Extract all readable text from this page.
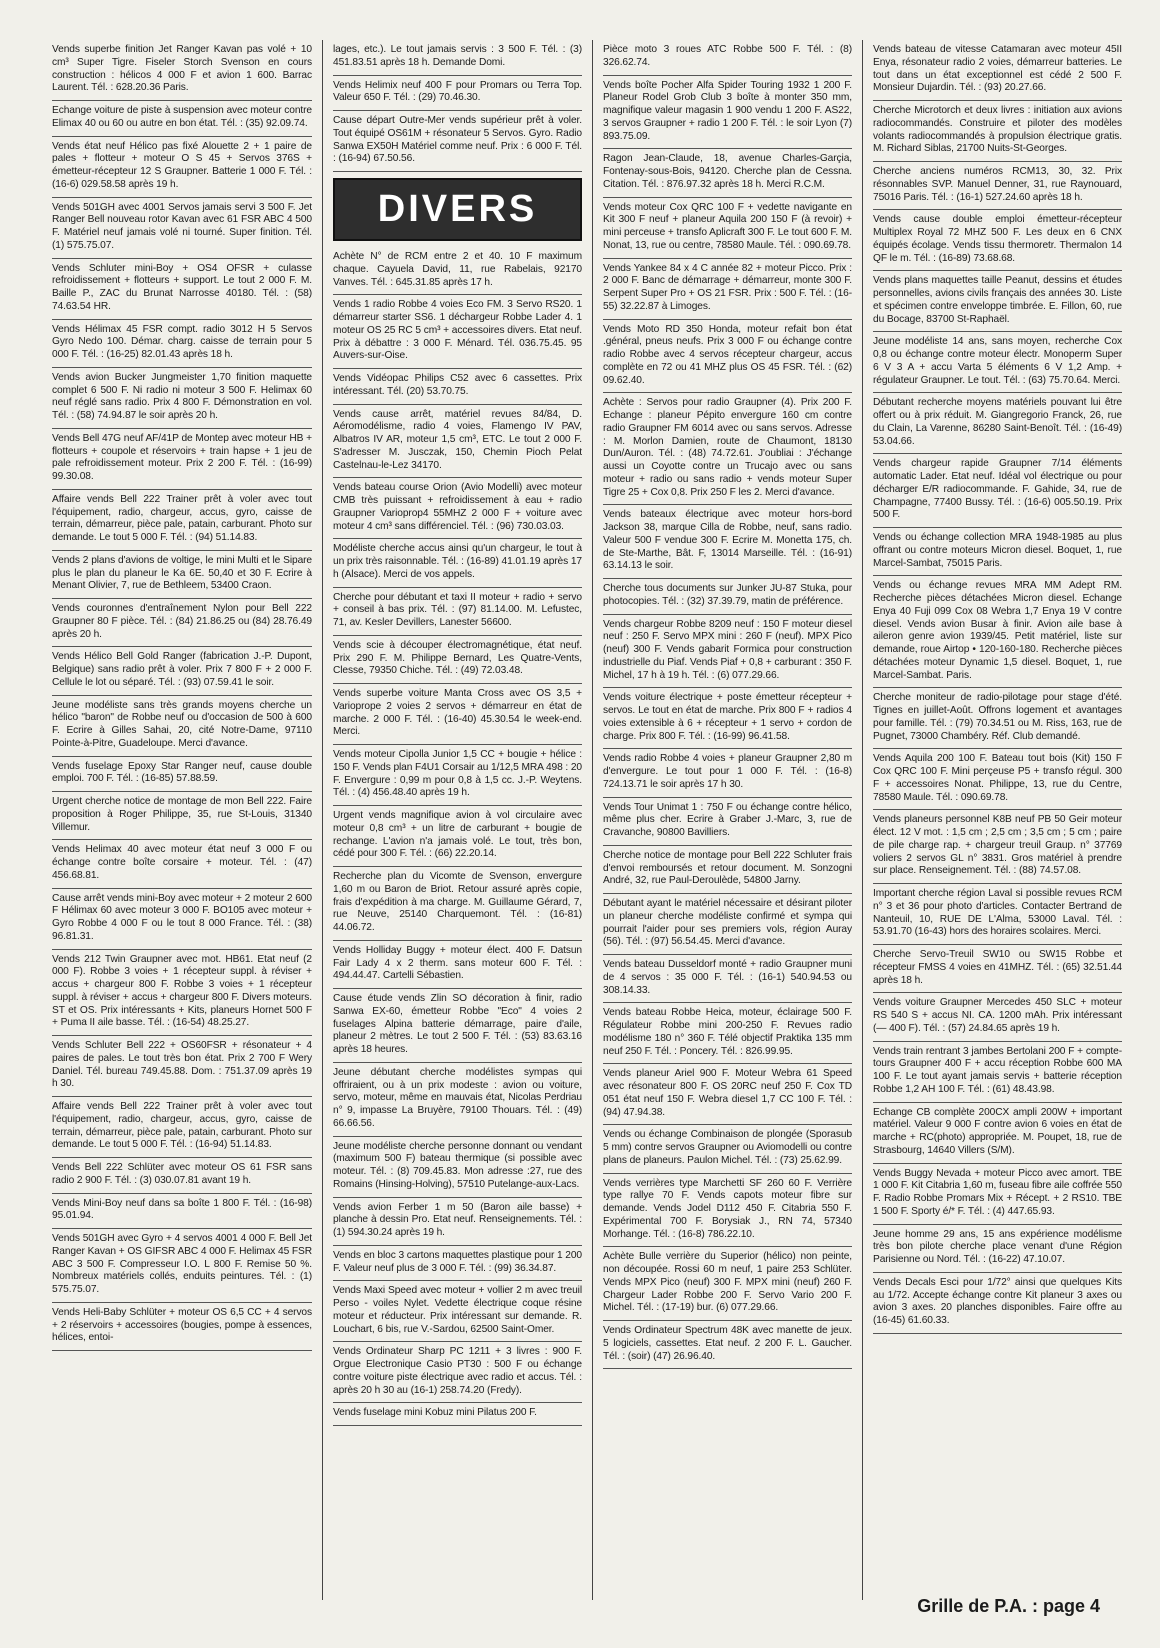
Vends superbe finition Jet Ranger Kavan pas volé + 10 cm³ Super Tigre. Fiseler Storch Svenson en cours construction : hélicos 4 000 F et avion 1 600. Barrac Laurent. Tél. : 628.20.36 Paris.

Echange voiture de piste à suspension avec moteur contre Elimax 40 ou 60 ou autre en bon état. Tél. : (35) 92.09.74.

Vends état neuf Hélico pas fixé Alouette 2 + 1 paire de pales + flotteur + moteur O S 45 + Servos 376S + émetteur-récepteur 12 S Graupner. Batterie 1 000 F. Tél. : (16-6) 029.58.58 après 19 h.

Vends 501GH avec 4001 Servos jamais servi 3 500 F. Jet Ranger Bell nouveau rotor Kavan avec 61 FSR ABC 4 500 F. Matériel neuf jamais volé ni tourné. Super finition. Tél. (1) 575.75.07.

Vends Schluter mini-Boy + OS4 OFSR + culasse refroidissement + flotteurs + support. Le tout 2 000 F. M. Baille P., ZAC du Brunat Narrosse 40180. Tél. : (58) 74.63.54 HR.

Vends Hélimax 45 FSR compt. radio 3012 H 5 Servos Gyro Nedo 100. Démar. charg. caisse de terrain pour 5 000 F. Tél. : (16-25) 82.01.43 après 18 h.

Vends avion Bucker Jungmeister 1,70 finition maquette complet 6 500 F. Ni radio ni moteur 3 500 F. Helimax 60 neuf réglé sans radio. Prix 4 800 F. Démonstration en vol. Tél. : (58) 74.94.87 le soir après 20 h.

Vends Bell 47G neuf AF/41P de Montep avec moteur HB + flotteurs + coupole et réservoirs + train hapse + 1 jeu de pale refroidissement moteur. Prix 2 200 F. Tél. : (16-99) 99.30.08.

Affaire vends Bell 222 Trainer prêt à voler avec tout l'équipement, radio, chargeur, accus, gyro, caisse de terrain, démarreur, pièce pale, patain, carburant. Photo sur demande. Le tout 5 000 F. Tél. : (94) 51.14.83.

Vends 2 plans d'avions de voltige, le mini Multi et le Sipare plus le plan du planeur le Ka 6E. 50,40 et 30 F. Ecrire à Menant Olivier, 7, rue de Bethleem, 53400 Craon.

Vends couronnes d'entraînement Nylon pour Bell 222 Graupner 80 F pièce. Tél. : (84) 21.86.25 ou (84) 28.76.49 après 20 h.

Vends Hélico Bell Gold Ranger (fabrication J.-P. Dupont, Belgique) sans radio prêt à voler. Prix 7 800 F + 2 000 F. Cellule le lot ou séparé. Tél. : (93) 07.59.41 le soir.

Jeune modéliste sans très grands moyens cherche un hélico "baron" de Robbe neuf ou d'occasion de 500 à 600 F. Ecrire à Gilles Sahai, 20, cité Notre-Dame, 97110 Pointe-à-Pitre, Guadeloupe. Merci d'avance.

Vends fuselage Epoxy Star Ranger neuf, cause double emploi. 700 F. Tél. : (16-85) 57.88.59.

Urgent cherche notice de montage de mon Bell 222. Faire proposition à Roger Philippe, 35, rue St-Louis, 31340 Villemur.

Vends Helimax 40 avec moteur état neuf 3 000 F ou échange contre boîte corsaire + moteur. Tél. : (47) 456.68.81.

Cause arrêt vends mini-Boy avec moteur + 2 moteur 2 600 F Hélimax 60 avec moteur 3 000 F. BO105 avec moteur + Gyro Robbe 4 000 F ou le tout 8 000 France. Tél. : (38) 96.81.31.

Vends 212 Twin Graupner avec mot. HB61. Etat neuf (2 000 F). Robbe 3 voies + 1 récepteur suppl. à réviser + accus + chargeur 800 F. Robbe 3 voies + 1 récepteur suppl. à réviser + accus + chargeur 800 F. Divers moteurs. ST et OS. Prix intéressants + Kits, planeurs Hornet 500 F + Puma II aile basse. Tél. : (16-54) 48.25.27.

Vends Schluter Bell 222 + OS60FSR + résonateur + 4 paires de pales. Le tout très bon état. Prix 2 700 F Wery Daniel. Tél. bureau 749.45.88. Dom. : 751.37.09 après 19 h 30.

Affaire vends Bell 222 Trainer prêt à voler avec tout l'équipement, radio, chargeur, accus, gyro, caisse de terrain, démarreur, pièce pale, patain, carburant. Photo sur demande. Le tout 5 000 F. Tél. : (16-94) 51.14.83.

Vends Bell 222 Schlüter avec moteur OS 61 FSR sans radio 2 900 F. Tél. : (3) 030.07.81 avant 19 h.

Vends Mini-Boy neuf dans sa boîte 1 800 F. Tél. : (16-98) 95.01.94.

Vends 501GH avec Gyro + 4 servos 4001 4 000 F. Bell Jet Ranger Kavan + OS GIFSR ABC 4 000 F. Helimax 45 FSR ABC 3 500 F. Compresseur I.O. L 800 F. Remise 50 %. Nombreux matériels collés, enduits peintures. Tél. : (1) 575.75.07.

Vends Heli-Baby Schlüter + moteur OS 6,5 CC + 4 servos + 2 réservoirs + accessoires (bougies, pompe à essences, hélices, entoi-

lages, etc.). Le tout jamais servis : 3 500 F. Tél. : (3) 451.83.51 après 18 h. Demande Domi.

Vends Helimix neuf 400 F pour Promars ou Terra Top. Valeur 650 F. Tél. : (29) 70.46.30.

Cause départ Outre-Mer vends supérieur prêt à voler. Tout équipé OS61M + résonateur 5 Servos. Gyro. Radio Sanwa EX50H Matériel comme neuf. Prix : 6 000 F. Tél. : (16-94) 67.50.56.

DIVERS

Achète N° de RCM entre 2 et 40. 10 F maximum chaque. Cayuela David, 11, rue Rabelais, 92170 Vanves. Tél. : 645.31.85 après 17 h.

Vends 1 radio Robbe 4 voies Eco FM. 3 Servo RS20. 1 démarreur starter SS6. 1 déchargeur Robbe Lader 4. 1 moteur OS 25 RC 5 cm³ + accessoires divers. Etat neuf. Prix à débattre : 3 000 F. Ménard. Tél. 036.75.45. 95 Auvers-sur-Oise.

Vends Vidéopac Philips C52 avec 6 cassettes. Prix intéressant. Tél. (20) 53.70.75.

Vends cause arrêt, matériel revues 84/84, D. Aéromodélisme, radio 4 voies, Flamengo IV PAV, Albatros IV AR, moteur 1,5 cm³, ETC. Le tout 2 000 F. S'adresser M. Jusczak, 150, Chemin Pioch Pelat Castelnau-le-Lez 34170.

Vends bateau course Orion (Avio Modelli) avec moteur CMB très puissant + refroidissement à eau + radio Graupner Varioprop4 55MHZ 2 000 F + voiture avec moteur 4 cm³ sans différenciel. Tél. : (96) 730.03.03.

Modéliste cherche accus ainsi qu'un chargeur, le tout à un prix très raisonnable. Tél. : (16-89) 41.01.19 après 17 h (Alsace). Merci de vos appels.

Cherche pour débutant et taxi II moteur + radio + servo + conseil à bas prix. Tél. : (97) 81.14.00. M. Lefustec, 71, av. Kesler Devillers, Lanester 56600.

Vends scie à découper électromagnétique, état neuf. Prix 290 F. M. Philippe Bernard, Les Quatre-Vents, Clesse, 79350 Chiche. Tél. : (49) 72.03.48.

Vends superbe voiture Manta Cross avec OS 3,5 + Varioprope 2 voies 2 servos + démarreur en état de marche. 2 000 F. Tél. : (16-40) 45.30.54 le week-end. Merci.

Vends moteur Cipolla Junior 1,5 CC + bougie + hélice : 150 F. Vends plan F4U1 Corsair au 1/12,5 MRA 498 : 20 F. Envergure : 0,99 m pour 0,8 à 1,5 cc. J.-P. Weytens. Tél. : (4) 456.48.40 après 19 h.

Urgent vends magnifique avion à vol circulaire avec moteur 0,8 cm³ + un litre de carburant + bougie de rechange. L'avion n'a jamais volé. Le tout, très bon, cédé pour 300 F. Tél. : (66) 22.20.14.

Recherche plan du Vicomte de Svenson, envergure 1,60 m ou Baron de Briot. Retour assuré après copie, frais d'expédition à ma charge. M. Guillaume Gérard, 7, rue Neuve, 25140 Charquemont. Tél. : (16-81) 44.06.72.

Vends Holliday Buggy + moteur élect. 400 F. Datsun Fair Lady 4 x 2 therm. sans moteur 600 F. Tél. : 494.44.47. Cartelli Sébastien.

Cause étude vends Zlin SO décoration à finir, radio Sanwa EX-60, émetteur Robbe "Eco" 4 voies 2 fuselages Alpina batterie démarrage, paire d'aile, planeur 2 mètres. Le tout 2 500 F. Tél. : (53) 83.63.16 après 18 heures.

Jeune débutant cherche modélistes sympas qui offriraient, ou à un prix modeste : avion ou voiture, servo, moteur, même en mauvais état, Nicolas Perdriau n° 9, impasse La Bruyère, 79100 Thouars. Tél. : (49) 66.66.56.

Jeune modéliste cherche personne donnant ou vendant (maximum 500 F) bateau thermique (si possible avec moteur. Tél. : (8) 709.45.83. Mon adresse :27, rue des Romains (Hinsing-Holving), 57510 Putelange-aux-Lacs.

Vends avion Ferber 1 m 50 (Baron aile basse) + planche à dessin Pro. Etat neuf. Renseignements. Tél. : (1) 594.30.24 après 19 h.

Vends en bloc 3 cartons maquettes plastique pour 1 200 F. Valeur neuf plus de 3 000 F. Tél. : (99) 36.34.87.

Vends Maxi Speed avec moteur + vollier 2 m avec treuil Perso - voiles Nylet. Vedette électrique coque résine moteur et réducteur. Prix intéressant sur demande. R. Louchart, 6 bis, rue V.-Sardou, 62500 Saint-Omer.

Vends Ordinateur Sharp PC 1211 + 3 livres : 900 F. Orgue Electronique Casio PT30 : 500 F ou échange contre voiture piste électrique avec radio et accus. Tél. : après 20 h 30 au (16-1) 258.74.20 (Fredy).

Vends fuselage mini Kobuz mini Pilatus 200 F.

Pièce moto 3 roues ATC Robbe 500 F. Tél. : (8) 326.62.74.

Vends boîte Pocher Alfa Spider Touring 1932 1 200 F. Planeur Rodel Grob Club 3 boîte à monter 350 mm, magnifique valeur magasin 1 900 vendu 1 200 F. AS22, 3 servos Graupner + radio 1 200 F. Tél. : le soir Lyon (7) 893.75.09.

Ragon Jean-Claude, 18, avenue Charles-Garçia, Fontenay-sous-Bois, 94120. Cherche plan de Cessna. Citation. Tél. : 876.97.32 après 18 h. Merci R.C.M.

Vends moteur Cox QRC 100 F + vedette navigante en Kit 300 F neuf + planeur Aquila 200 150 F (à revoir) + mini perceuse + transfo Aplicraft 300 F. Le tout 600 F. M. Nonat, 13, rue ou centre, 78580 Maule. Tél. : 090.69.78.

Vends Yankee 84 x 4 C année 82 + moteur Picco. Prix : 2 000 F. Banc de démarrage + démarreur, monte 300 F. Serpent Super Pro + OS 21 FSR. Prix : 500 F. Tél. : (16-55) 32.22.87 à Limoges.

Vends Moto RD 350 Honda, moteur refait bon état .général, pneus neufs. Prix 3 000 F ou échange contre radio Robbe avec 4 servos récepteur chargeur, accus complète en 72 ou 41 MHZ plus OS 45 FSR. Tél. : (62) 09.62.40.

Achète : Servos pour radio Graupner (4). Prix 200 F. Echange : planeur Pépito envergure 160 cm contre radio Graupner FM 6014 avec ou sans servos. Adresse : M. Morlon Damien, route de Chaumont, 18130 Dun/Auron. Tél. : (48) 74.72.61. J'oubliai : J'échange aussi un Coyotte contre un Trucajo avec ou sans moteur + radio ou sans radio + vends moteur Super Tigre 25 + Cox 0,8. Prix 250 F les 2. Merci d'avance.

Vends bateaux électrique avec moteur hors-bord Jackson 38, marque Cilla de Robbe, neuf, sans radio. Valeur 500 F vendue 300 F. Ecrire M. Monetta 175, ch. de Ste-Marthe, Bât. F, 13014 Marseille. Tél. : (16-91) 63.14.13 le soir.

Cherche tous documents sur Junker JU-87 Stuka, pour photocopies. Tél. : (32) 37.39.79, matin de préférence.

Vends chargeur Robbe 8209 neuf : 150 F moteur diesel neuf : 250 F. Servo MPX mini : 260 F (neuf). MPX Pico (neuf) 300 F. Vends gabarit Formica pour construction industrielle du Piaf. Vends Piaf + 0,8 + carburant : 350 F. Michel, 17 h à 19 h. Tél. : (6) 077.29.66.

Vends voiture électrique + poste émetteur récepteur + servos. Le tout en état de marche. Prix 800 F + radios 4 voies extensible à 6 + récepteur + 1 servo + cordon de charge. Prix 800 F. Tél. : (16-99) 96.41.58.

Vends radio Robbe 4 voies + planeur Graupner 2,80 m d'envergure. Le tout pour 1 000 F. Tél. : (16-8) 724.13.71 le soir après 17 h 30.

Vends Tour Unimat 1 : 750 F ou échange contre hélico, même plus cher. Ecrire à Graber J.-Marc, 3, rue de Cravanche, 90800 Bavilliers.

Cherche notice de montage pour Bell 222 Schluter frais d'envoi remboursés et retour document. M. Sonzogni André, 32, rue Paul-Deroulède, 54800 Jarny.

Débutant ayant le matériel nécessaire et désirant piloter un planeur cherche modéliste confirmé et sympa qui pourrait l'aider pour ses premiers vols, région Auray (56). Tél. : (97) 56.54.45. Merci d'avance.

Vends bateau Dusseldorf monté + radio Graupner muni de 4 servos : 35 000 F. Tél. : (16-1) 540.94.53 ou 308.14.33.

Vends bateau Robbe Heica, moteur, éclairage 500 F. Régulateur Robbe mini 200-250 F. Revues radio modélisme 180 n° 360 F. Télé objectif Praktika 135 mm neuf 250 F. Tél. : Poncery. Tél. : 826.99.95.

Vends planeur Ariel 900 F. Moteur Webra 61 Speed avec résonateur 800 F. OS 20RC neuf 250 F. Cox TD 051 état neuf 150 F. Webra diesel 1,7 CC 100 F. Tél. : (94) 47.94.38.

Vends ou échange Combinaison de plongée (Sporasub 5 mm) contre servos Graupner ou Aviomodelli ou contre plans de planeurs. Paulon Michel. Tél. : (73) 25.62.99.

Vends verrières type Marchetti SF 260 60 F. Verrière type rallye 70 F. Vends capots moteur fibre sur demande. Vends Jodel D112 450 F. Citabria 550 F. Expérimental 700 F. Borysiak J., RN 74, 57340 Morhange. Tél. : (16-8) 786.22.10.

Achète Bulle verrière du Superior (hélico) non peinte, non découpée. Rossi 60 m neuf, 1 paire 253 Schlüter. Vends MPX Pico (neuf) 300 F. MPX mini (neuf) 260 F. Chargeur Lader Robbe 200 F. Servo Vario 200 F. Michel. Tél. : (17-19) bur. (6) 077.29.66.

Vends Ordinateur Spectrum 48K avec manette de jeux. 5 logiciels, cassettes. Etat neuf. 2 200 F. L. Gaucher. Tél. : (soir) (47) 26.96.40.

Vends bateau de vitesse Catamaran avec moteur 45II Enya, résonateur radio 2 voies, démarreur batteries. Le tout dans un état exceptionnel est cédé 2 500 F. Monsieur Dujardin. Tél. : (93) 20.27.66.

Cherche Microtorch et deux livres : initiation aux avions radiocommandés. Construire et piloter des modèles volants radiocommandés à propulsion électrique gratis. M. Richard Siblas, 21700 Nuits-St-Georges.

Cherche anciens numéros RCM13, 30, 32. Prix résonnables SVP. Manuel Denner, 31, rue Raynouard, 75016 Paris. Tél. : (16-1) 527.24.60 après 18 h.

Vends cause double emploi émetteur-récepteur Multiplex Royal 72 MHZ 500 F. Les deux en 6 CNX équipés écolage. Vends tissu thermoretr. Thermalon 14 QF le m. Tél. : (16-89) 73.68.68.

Vends plans maquettes taille Peanut, dessins et études personnelles, avions civils français des années 30. Liste et spécimen contre enveloppe timbrée. E. Fillon, 60, rue du Bocage, 83700 St-Raphaël.

Jeune modéliste 14 ans, sans moyen, recherche Cox 0,8 ou échange contre moteur électr. Monoperm Super 6 V 3 A + accu Varta 5 éléments 6 V 1,2 Amp. + régulateur Graupner. Le tout. Tél. : (63) 75.70.64. Merci.

Débutant recherche moyens matériels pouvant lui être offert ou à prix réduit. M. Giangregorio Franck, 26, rue du Clain, La Varenne, 86280 Saint-Benoît. Tél. : (16-49) 53.04.66.

Vends chargeur rapide Graupner 7/14 éléments automatic Lader. Etat neuf. Idéal vol électrique ou pour décharger E/R radiocommande. F. Gahide, 34, rue de Champagne, 77400 Bussy. Tél. : (16-6) 005.50.19. Prix 500 F.

Vends ou échange collection MRA 1948-1985 au plus offrant ou contre moteurs Micron diesel. Boquet, 1, rue Marcel-Sambat, 75015 Paris.

Vends ou échange revues MRA MM Adept RM. Recherche pièces détachées Micron diesel. Echange Enya 40 Fuji 099 Cox 08 Webra 1,7 Enya 19 V contre diesel. Vends avion Busar à finir. Avion aile base à aileron genre avion 1939/45. Petit matériel, liste sur demande, roue Airtop • 120-160-180. Recherche pièces détachées moteur Dynamic 1,5 diesel. Boquet, 1, rue Marcel-Sambat. Paris.

Cherche moniteur de radio-pilotage pour stage d'été. Tignes en juillet-Août. Offrons logement et avantages pour famille. Tél. : (79) 70.34.51 ou M. Riss, 163, rue de Pugnet, 73000 Chambéry. Réf. Club demandé.

Vends Aquila 200 100 F. Bateau tout bois (Kit) 150 F Cox QRC 100 F. Mini perçeuse P5 + transfo régul. 300 F + accessoires Nonat. Philippe, 13, rue du Centre, 78580 Maule. Tél. : 090.69.78.

Vends planeurs personnel K8B neuf PB 50 Geir moteur élect. 12 V mot. : 1,5 cm ; 2,5 cm ; 3,5 cm ; 5 cm ; paire de pile charge rap. + chargeur treuil Graup. n° 37769 voliers 2 servos GL n° 3831. Gros matériel à prendre sur place. Renseignement. Tél. : (88) 74.57.08.

Important cherche région Laval si possible revues RCM n° 3 et 36 pour photo d'articles. Contacter Bertrand de Nanteuil, 10, RUE DE L'Alma, 53000 Laval. Tél. : 53.91.70 (16-43) hors des horaires scolaires. Merci.

Cherche Servo-Treuil SW10 ou SW15 Robbe et récepteur FMSS 4 voies en 41MHZ. Tél. : (65) 32.51.44 après 18 h.

Vends voiture Graupner Mercedes 450 SLC + moteur RS 540 S + accus NI. CA. 1200 mAh. Prix intéressant (— 400 F). Tél. : (57) 24.84.65 après 19 h.

Vends train rentrant 3 jambes Bertolani 200 F + compte-tours Graupner 400 F + accu réception Robbe 600 MA 100 F. Le tout ayant jamais servis + batterie réception Robbe 1,2 AH 100 F. Tél. : (61) 48.43.98.

Echange CB complète 200CX ampli 200W + important matériel. Valeur 9 000 F contre avion 6 voies en état de marche + RC(photo) appropriée. M. Poupet, 18, rue de Strasbourg, 14640 Villers (S/M).

Vends Buggy Nevada + moteur Picco avec amort. TBE 1 000 F. Kit Citabria 1,60 m, fuseau fibre aile coffrée 550 F. Radio Robbe Promars Mix + Récept. + 2 RS10. TBE 1 500 F. Sporty é/* F. Tél. : (4) 447.65.93.

Jeune homme 29 ans, 15 ans expérience modélisme très bon pilote cherche place venant d'une Région Parisienne ou Nord. Tél. : (16-22) 47.10.07.

Vends Decals Esci pour 1/72° ainsi que quelques Kits au 1/72. Accepte échange contre Kit planeur 3 axes ou avion 3 axes. 20 planches disponibles. Faire offre au (16-45) 61.60.33.

Grille de P.A. : page 4
